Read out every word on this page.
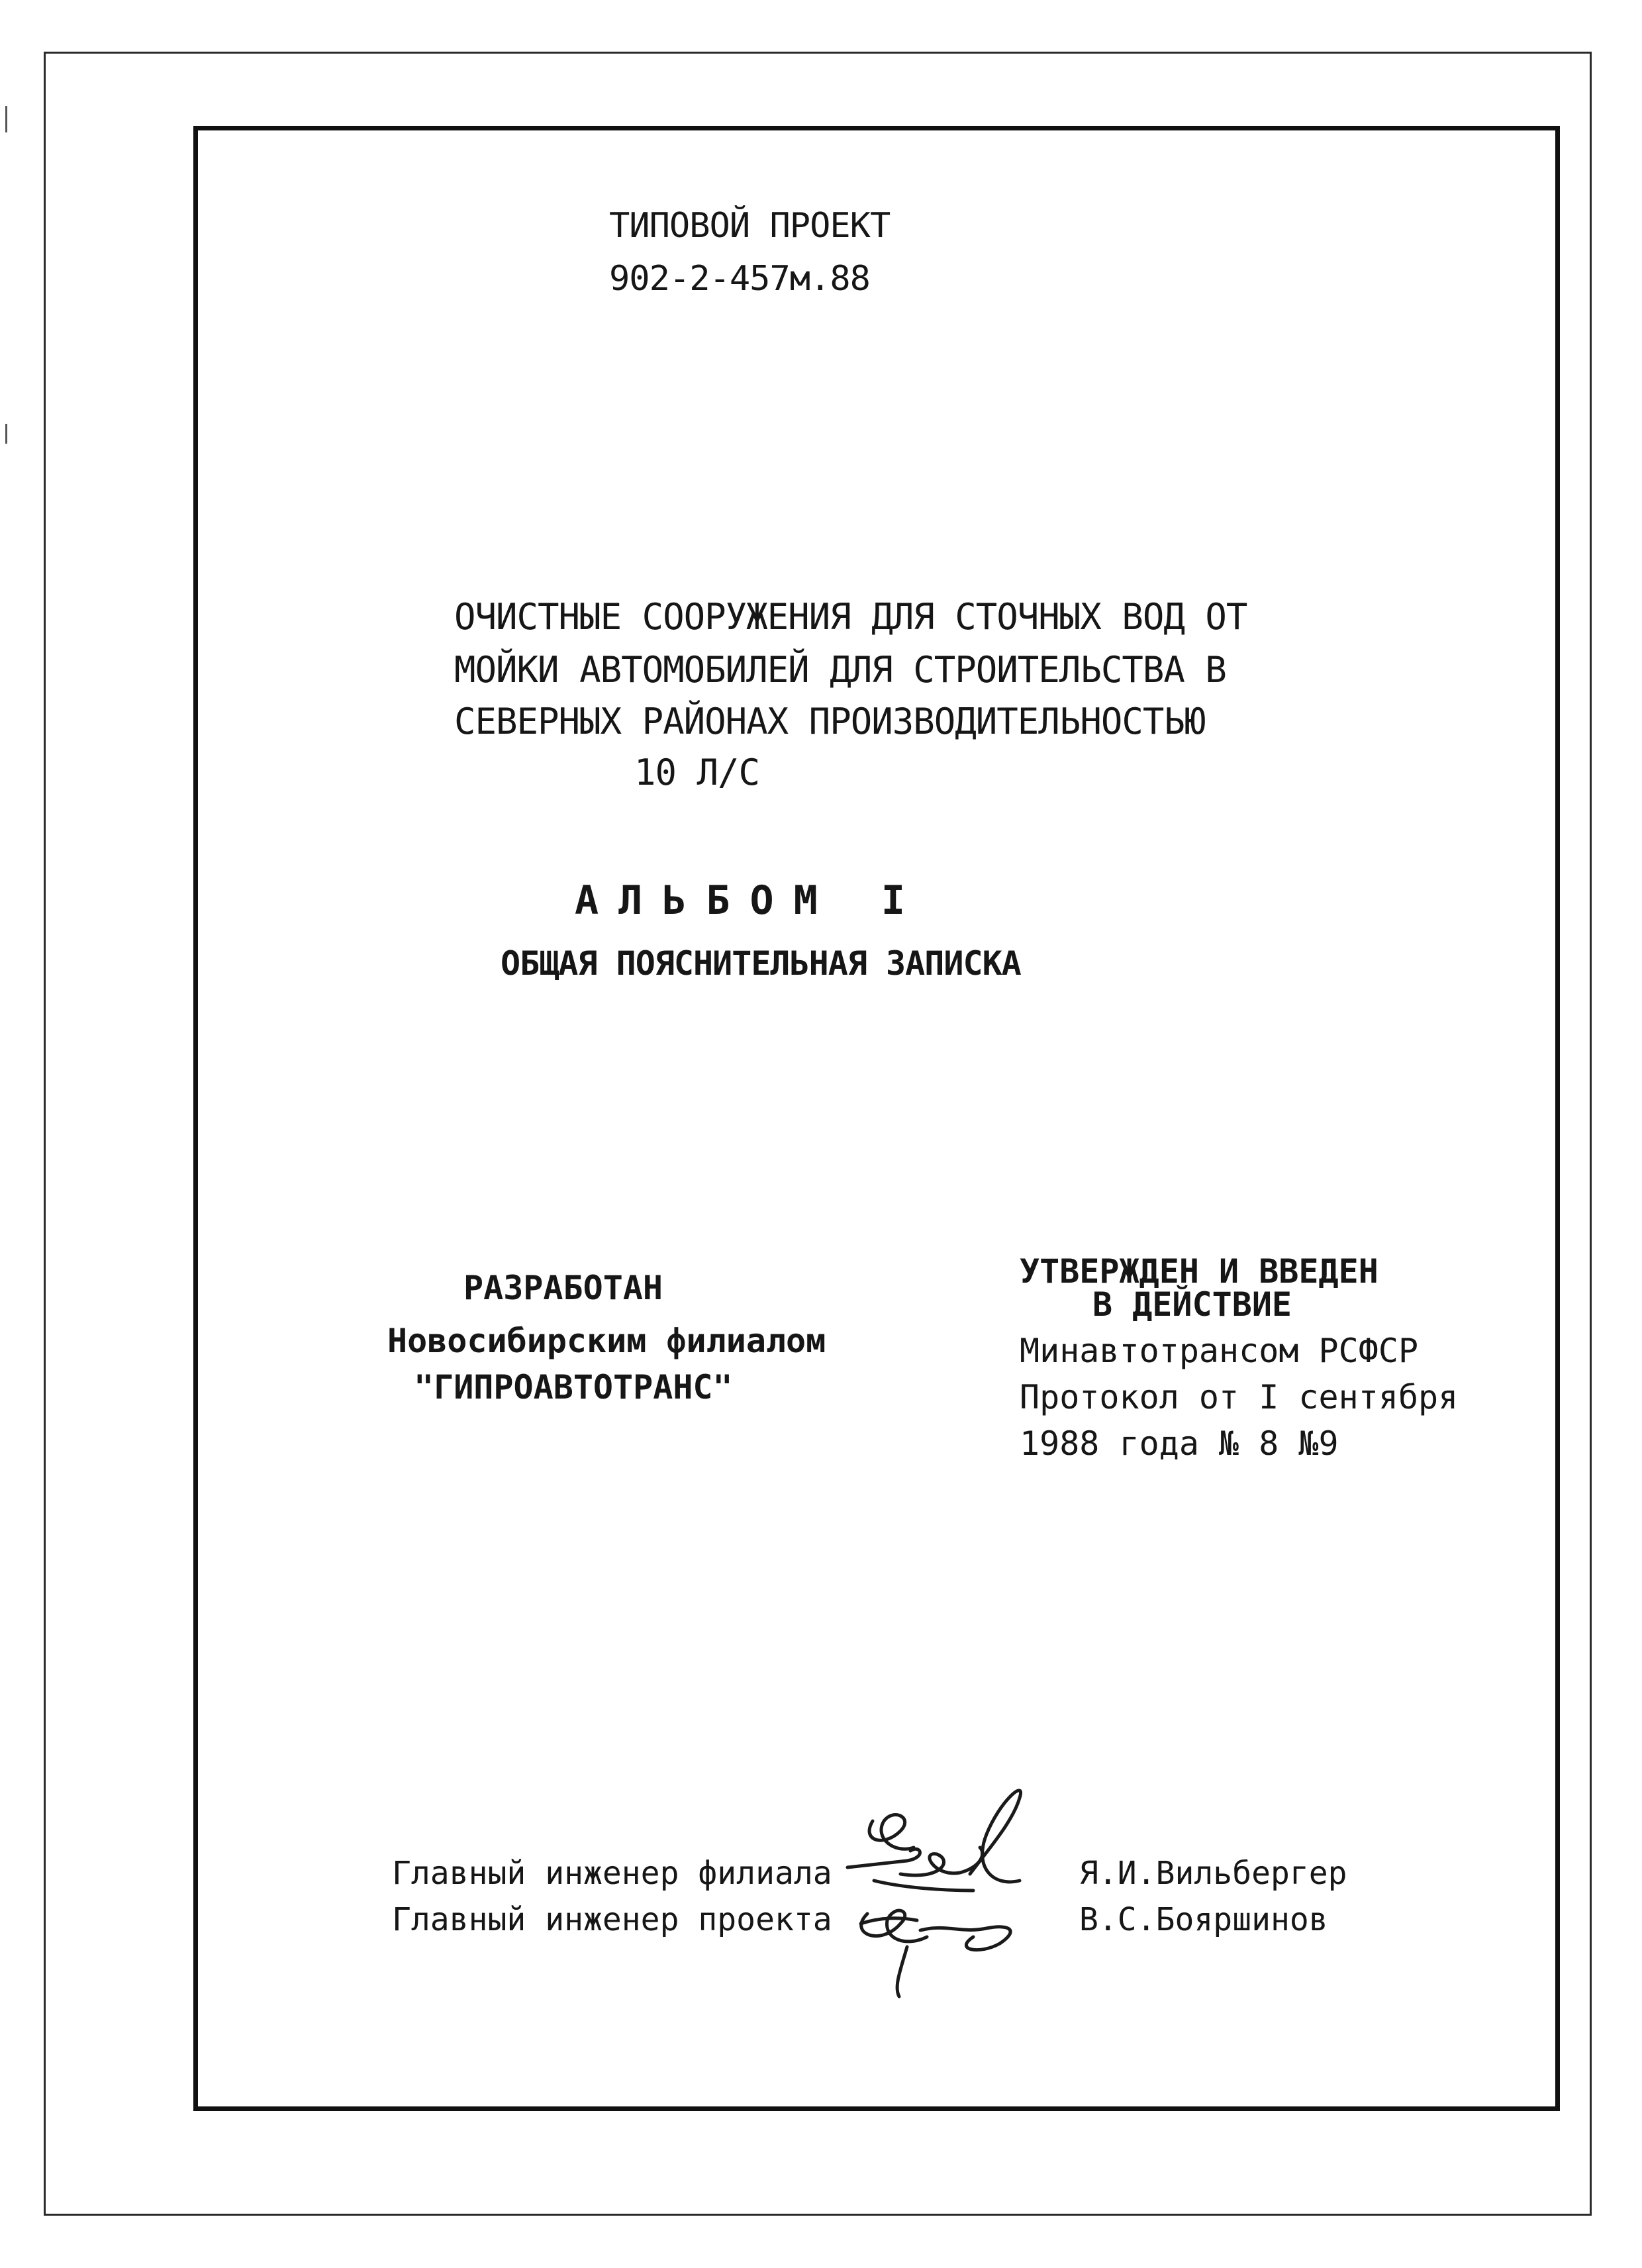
ТИПОВОЙ ПРОЕКТ
902-2-457м.88
ОЧИСТНЫЕ СООРУЖЕНИЯ ДЛЯ СТОЧНЫХ ВОД ОТ
МОЙКИ АВТОМОБИЛЕЙ ДЛЯ СТРОИТЕЛЬСТВА В
СЕВЕРНЫХ РАЙОНАХ ПРОИЗВОДИТЕЛЬНОСТЬЮ
10 Л/С
АЛЬБОМ I
ОБЩАЯ ПОЯСНИТЕЛЬНАЯ ЗАПИСКА
РАЗРАБОТАН
Новосибирским филиалом
"ГИПРОАВТОТРАНС"
УТВЕРЖДЕН И ВВЕДЕН
В ДЕЙСТВИЕ
Минавтотрансом РСФСР
Протокол от I сентября
1988 года № 8 №9
Главный инженер филиала	Я.И.Вильбергер
Главный инженер проекта	В.С.Бояршинов
